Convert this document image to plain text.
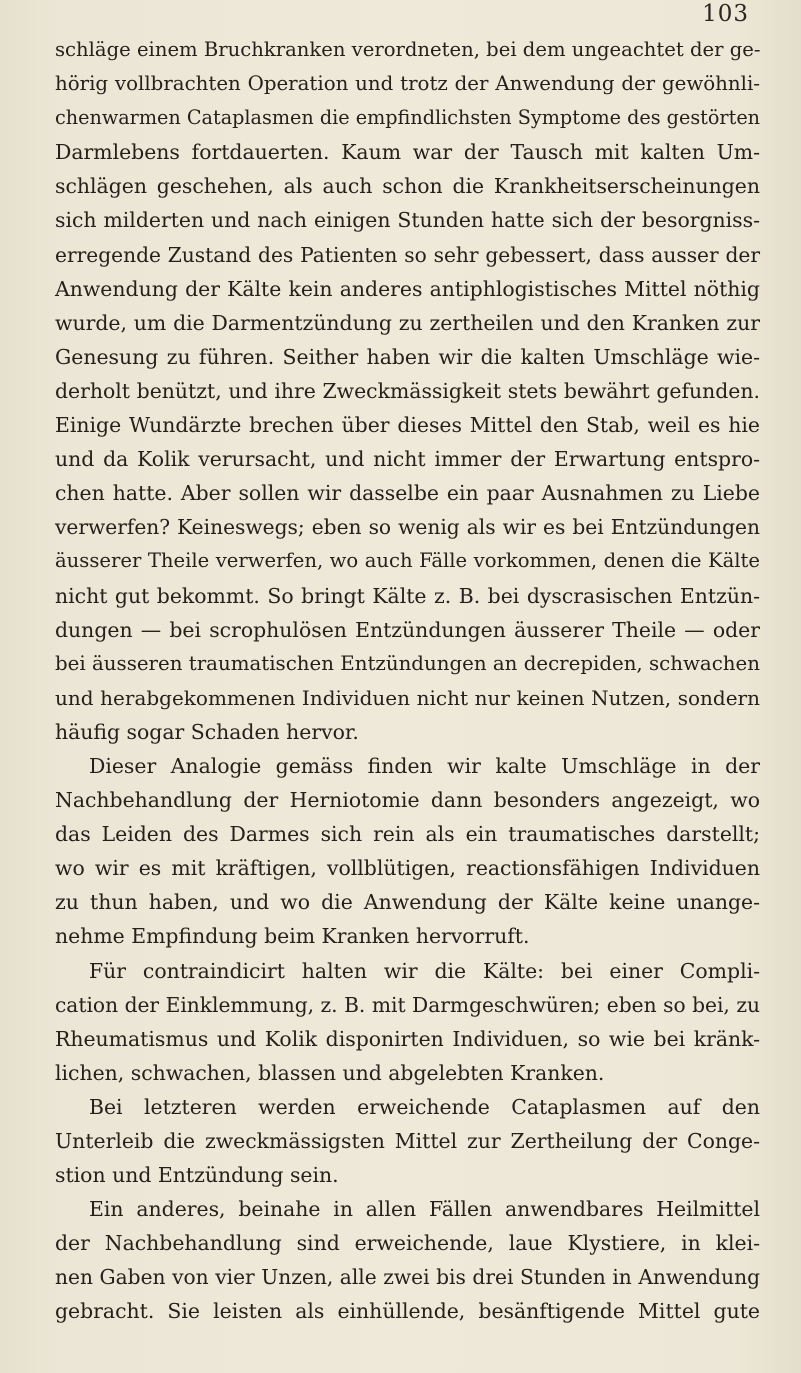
103
schläge einem Bruchkranken verordneten, bei dem ungeachtet der ge-
hörig vollbrachten Operation und trotz der Anwendung der gewöhnli-
chenwarmen Cataplasmen die empfindlichsten Symptome des gestörten
Darmlebens fortdauerten. Kaum war der Tausch mit kalten Um-
schlägen geschehen, als auch schon die Krankheitserscheinungen
sich milderten und nach einigen Stunden hatte sich der besorgniss-
erregende Zustand des Patienten so sehr gebessert, dass ausser der
Anwendung der Kälte kein anderes antiphlogistisches Mittel nöthig
wurde, um die Darmentzündung zu zertheilen und den Kranken zur
Genesung zu führen. Seither haben wir die kalten Umschläge wie-
derholt benützt, und ihre Zweckmässigkeit stets bewährt gefunden.
Einige Wundärzte brechen über dieses Mittel den Stab, weil es hie
und da Kolik verursacht, und nicht immer der Erwartung entspro-
chen hatte. Aber sollen wir dasselbe ein paar Ausnahmen zu Liebe
verwerfen? Keineswegs; eben so wenig als wir es bei Entzündungen
äusserer Theile verwerfen, wo auch Fälle vorkommen, denen die Kälte
nicht gut bekommt. So bringt Kälte z. B. bei dyscrasischen Entzün-
dungen — bei scrophulösen Entzündungen äusserer Theile — oder
bei äusseren traumatischen Entzündungen an decrepiden, schwachen
und herabgekommenen Individuen nicht nur keinen Nutzen, sondern
häufig sogar Schaden hervor.
Dieser Analogie gemäss finden wir kalte Umschläge in der
Nachbehandlung der Herniotomie dann besonders angezeigt, wo
das Leiden des Darmes sich rein als ein traumatisches darstellt;
wo wir es mit kräftigen, vollblütigen, reactionsfähigen Individuen
zu thun haben, und wo die Anwendung der Kälte keine unange-
nehme Empfindung beim Kranken hervorruft.
Für contraindicirt halten wir die Kälte: bei einer Compli-
cation der Einklemmung, z. B. mit Darmgeschwüren; eben so bei, zu
Rheumatismus und Kolik disponirten Individuen, so wie bei kränk-
lichen, schwachen, blassen und abgelebten Kranken.
Bei letzteren werden erweichende Cataplasmen auf den
Unterleib die zweckmässigsten Mittel zur Zertheilung der Conge-
stion und Entzündung sein.
Ein anderes, beinahe in allen Fällen anwendbares Heilmittel
der Nachbehandlung sind erweichende, laue Klystiere, in klei-
nen Gaben von vier Unzen, alle zwei bis drei Stunden in Anwendung
gebracht. Sie leisten als einhüllende, besänftigende Mittel gute
